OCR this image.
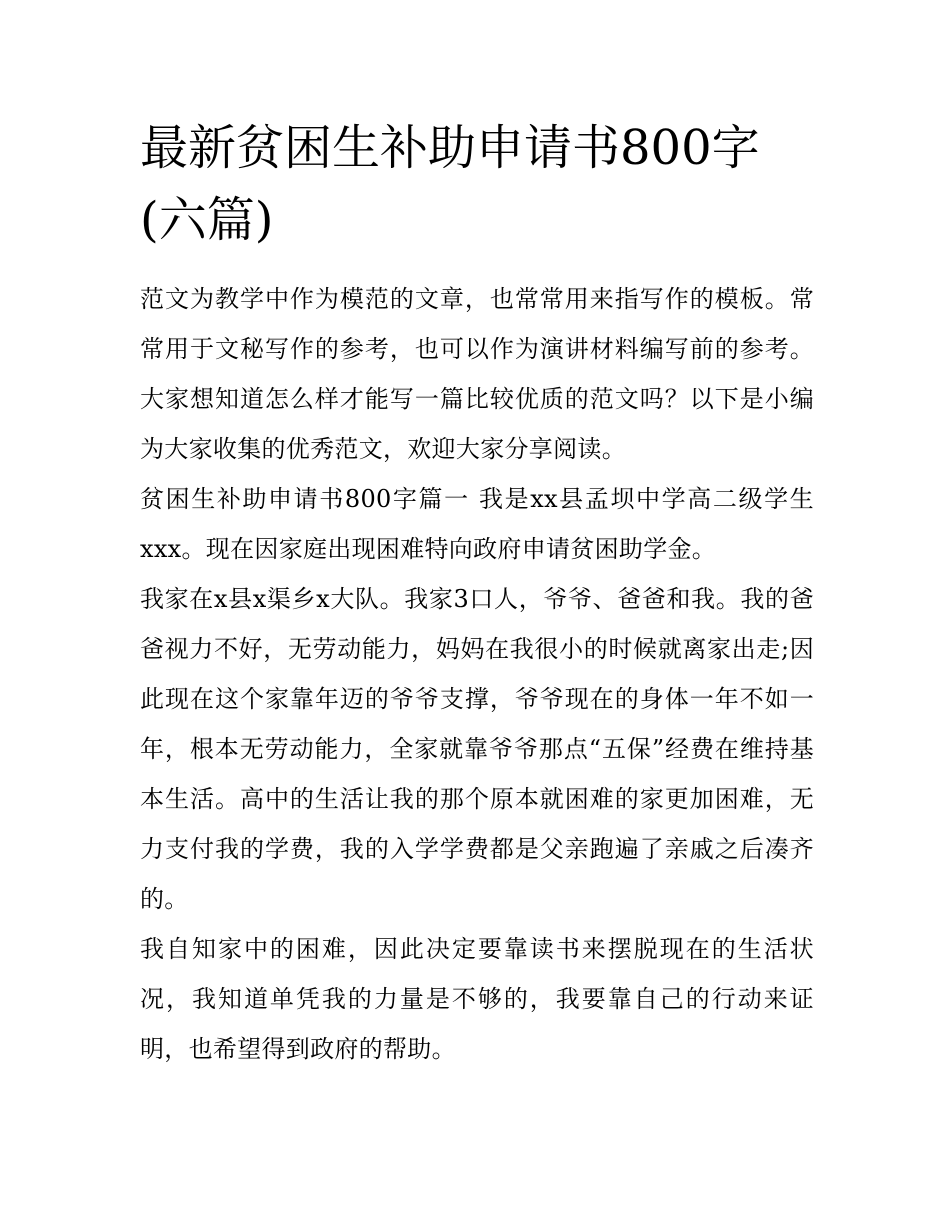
最新贫困生补助申请书800字(六篇)

范文为教学中作为模范的文章，也常常用来指写作的模板。常常用于文秘写作的参考，也可以作为演讲材料编写前的参考。大家想知道怎么样才能写一篇比较优质的范文吗？以下是小编为大家收集的优秀范文，欢迎大家分享阅读。

贫困生补助申请书800字篇一 我是xx县孟坝中学高二级学生xxx。现在因家庭出现困难特向政府申请贫困助学金。

我家在x县x渠乡x大队。我家3口人，爷爷、爸爸和我。我的爸爸视力不好，无劳动能力，妈妈在我很小的时候就离家出走;因此现在这个家靠年迈的爷爷支撑，爷爷现在的身体一年不如一年，根本无劳动能力，全家就靠爷爷那点“五保”经费在维持基本生活。高中的生活让我的那个原本就困难的家更加困难，无力支付我的学费，我的入学学费都是父亲跑遍了亲戚之后凑齐的。

我自知家中的困难，因此决定要靠读书来摆脱现在的生活状况，我知道单凭我的力量是不够的，我要靠自己的行动来证明，也希望得到政府的帮助。
